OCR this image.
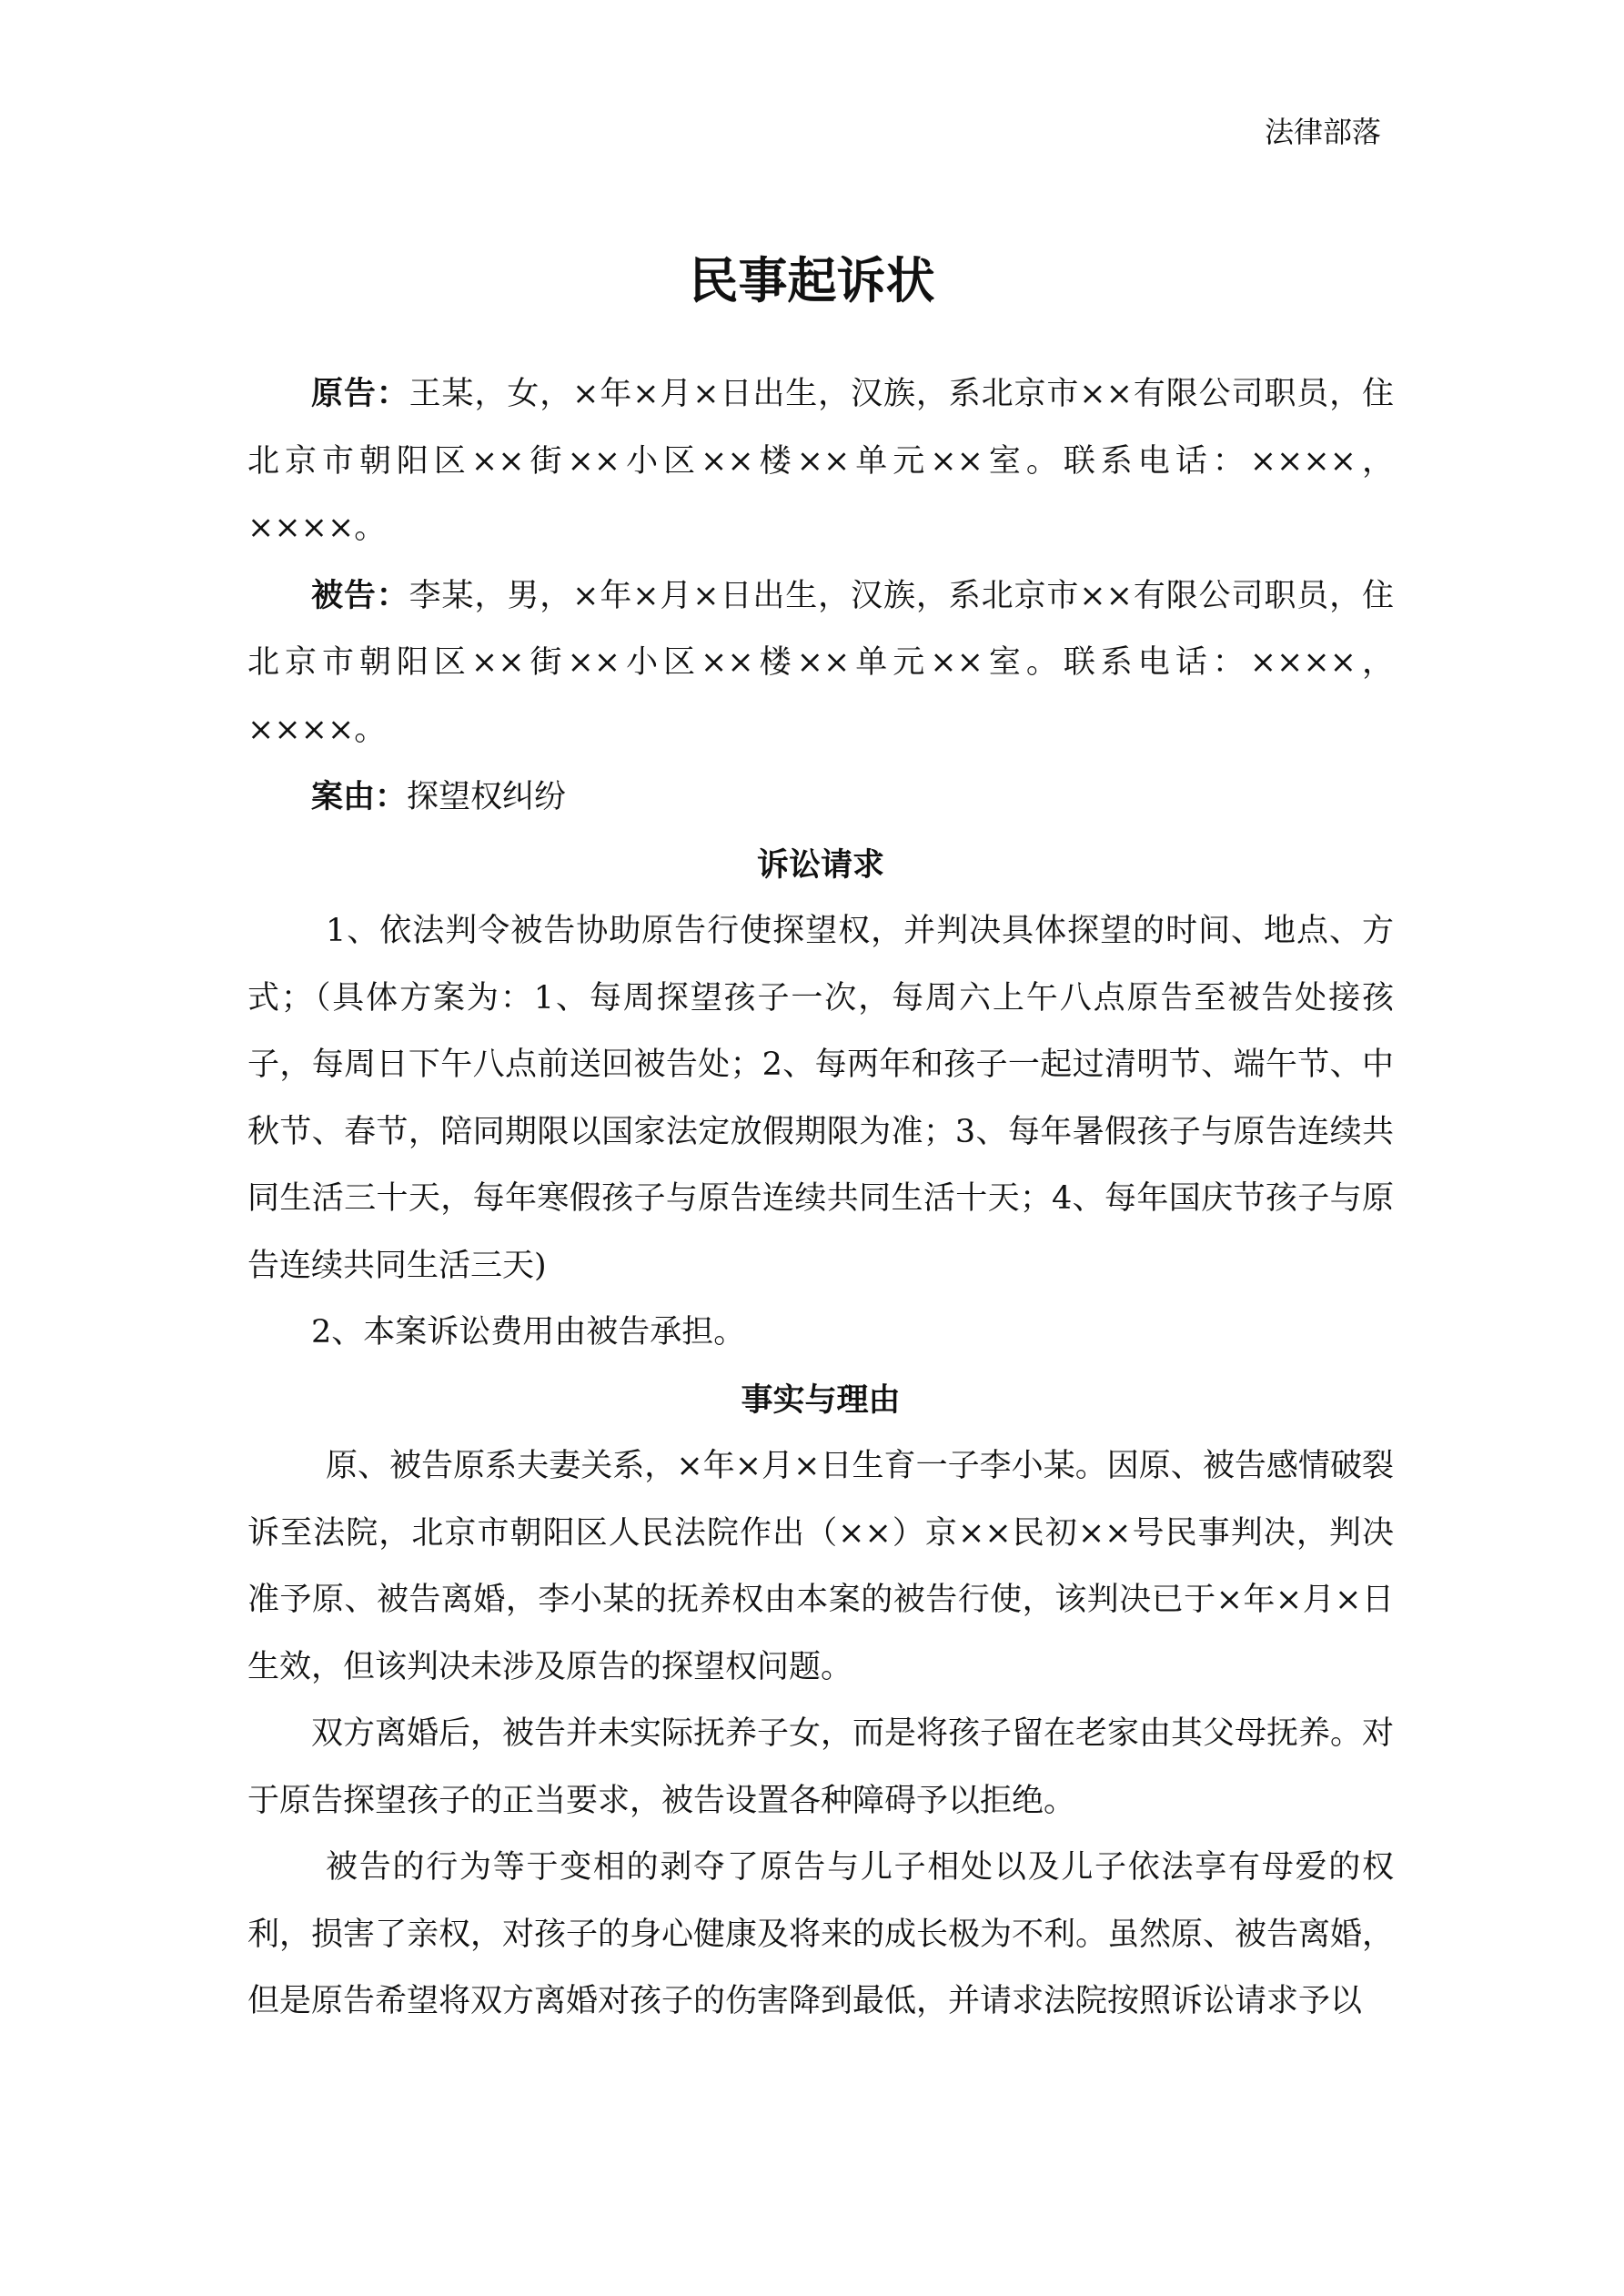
法律部落
民事起诉状

原告：王某，女，×年×月×日出生，汉族，系北京市××有限公司职员，住北京市朝阳区××街××小区××楼××单元××室。联系电话：××××，××××。

被告：李某，男，×年×月×日出生，汉族，系北京市××有限公司职员，住北京市朝阳区××街××小区××楼××单元××室。联系电话：××××，××××。

案由：探望权纠纷

诉讼请求

1、依法判令被告协助原告行使探望权，并判决具体探望的时间、地点、方式；（具体方案为：1、每周探望孩子一次，每周六上午八点原告至被告处接孩子，每周日下午八点前送回被告处；2、每两年和孩子一起过清明节、端午节、中秋节、春节，陪同期限以国家法定放假期限为准；3、每年暑假孩子与原告连续共同生活三十天，每年寒假孩子与原告连续共同生活十天；4、每年国庆节孩子与原告连续共同生活三天)

2、本案诉讼费用由被告承担。

事实与理由

原、被告原系夫妻关系，×年×月×日生育一子李小某。因原、被告感情破裂诉至法院，北京市朝阳区人民法院作出（××）京××民初××号民事判决，判决准予原、被告离婚，李小某的抚养权由本案的被告行使，该判决已于×年×月×日生效，但该判决未涉及原告的探望权问题。

双方离婚后，被告并未实际抚养子女，而是将孩子留在老家由其父母抚养。对于原告探望孩子的正当要求，被告设置各种障碍予以拒绝。

被告的行为等于变相的剥夺了原告与儿子相处以及儿子依法享有母爱的权利，损害了亲权，对孩子的身心健康及将来的成长极为不利。虽然原、被告离婚，但是原告希望将双方离婚对孩子的伤害降到最低，并请求法院按照诉讼请求予以
